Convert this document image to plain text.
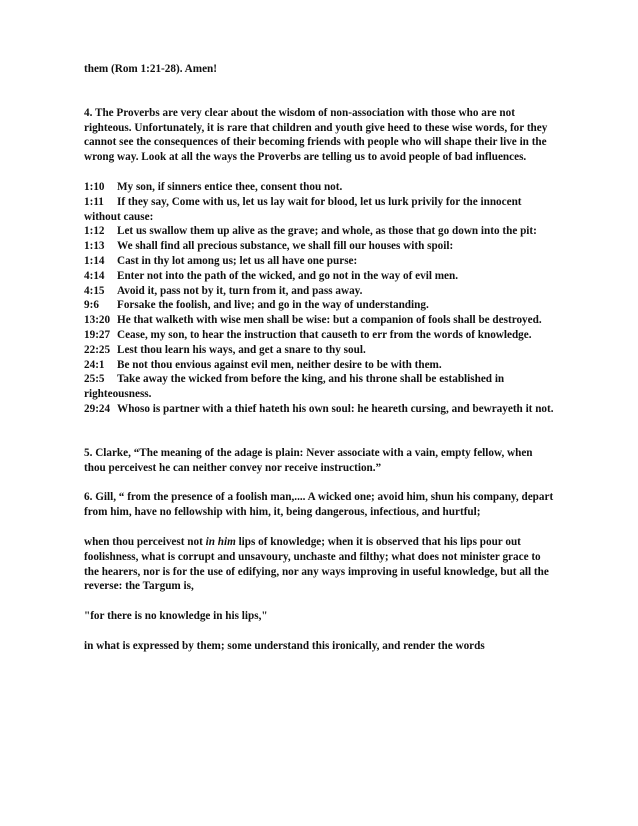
them (Rom 1:21-28). Amen!

4. The Proverbs are very clear about the wisdom of non-association with those who are not righteous. Unfortunately, it is rare that children and youth give heed to these wise words, for they cannot see the consequences of their becoming friends with people who will shape their live in the wrong way. Look at all the ways the Proverbs are telling us to avoid people of bad influences.

1:10 My son, if sinners entice thee, consent thou not.

1:11 If they say, Come with us, let us lay wait for blood, let us lurk privily for the innocent without cause:

1:12 Let us swallow them up alive as the grave; and whole, as those that go down into the pit:

1:13 We shall find all precious substance, we shall fill our houses with spoil:

1:14 Cast in thy lot among us; let us all have one purse:

4:14 Enter not into the path of the wicked, and go not in the way of evil men.

4:15 Avoid it, pass not by it, turn from it, and pass away.

9:6 Forsake the foolish, and live; and go in the way of understanding.

13:20 He that walketh with wise men shall be wise: but a companion of fools shall be destroyed.

19:27 Cease, my son, to hear the instruction that causeth to err from the words of knowledge.

22:25 Lest thou learn his ways, and get a snare to thy soul.

24:1 Be not thou envious against evil men, neither desire to be with them.

25:5 Take away the wicked from before the king, and his throne shall be established in righteousness.

29:24 Whoso is partner with a thief hateth his own soul: he heareth cursing, and bewrayeth it not.

5. Clarke, “The meaning of the adage is plain: Never associate with a vain, empty fellow, when thou perceivest he can neither convey nor receive instruction.”

6. Gill, “ from the presence of a foolish man,.... A wicked one; avoid him, shun his company, depart from him, have no fellowship with him, it, being dangerous, infectious, and hurtful;

when thou perceivest not in him lips of knowledge; when it is observed that his lips pour out foolishness, what is corrupt and unsavoury, unchaste and filthy; what does not minister grace to the hearers, nor is for the use of edifying, nor any ways improving in useful knowledge, but all the reverse: the Targum is,

"for there is no knowledge in his lips,"

in what is expressed by them; some understand this ironically, and render the words
